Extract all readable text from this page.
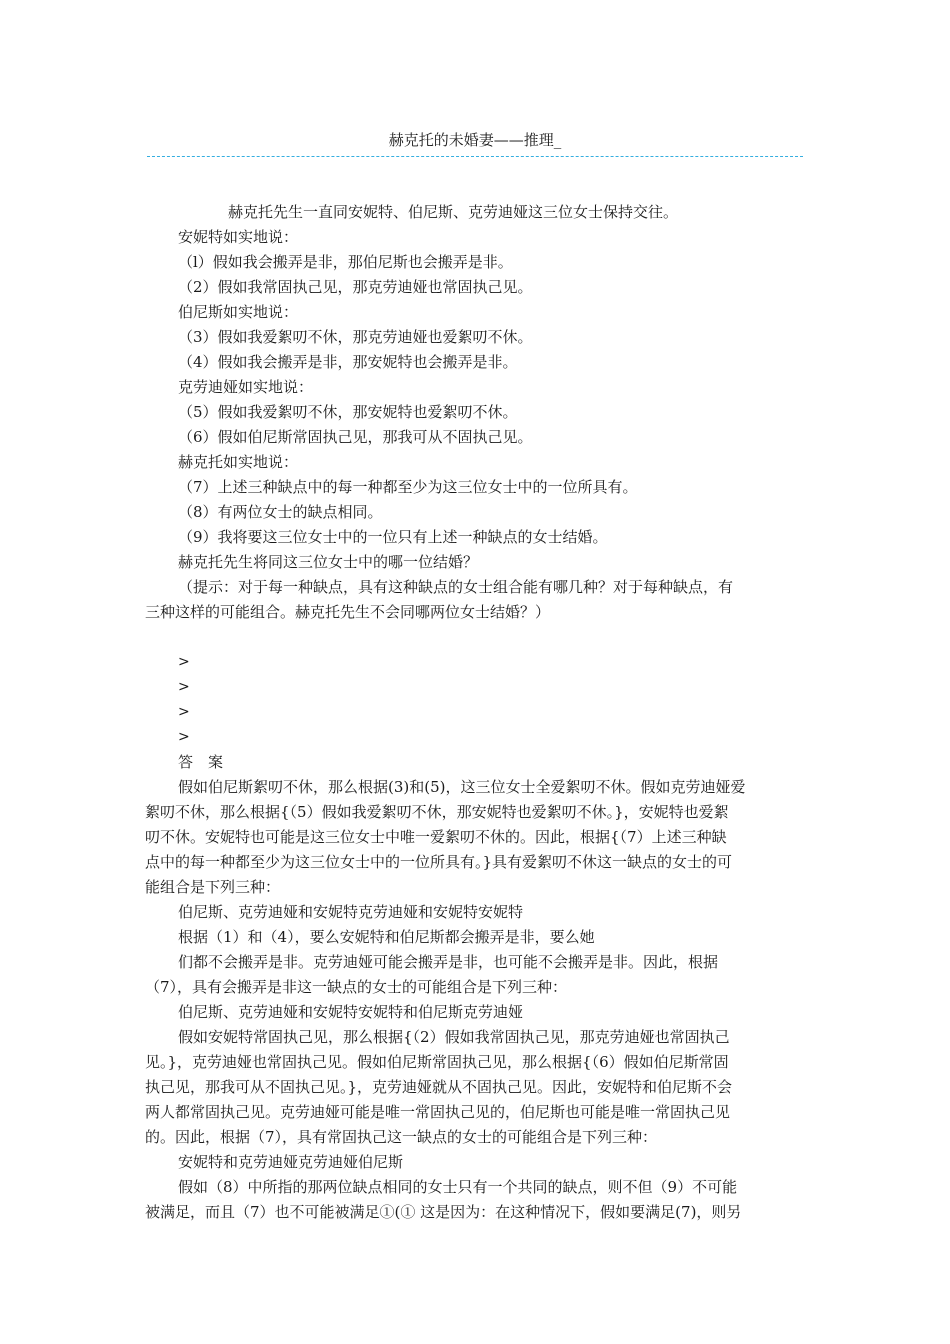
赫克托的未婚妻——推理_
赫克托先生一直同安妮特、伯尼斯、克劳迪娅这三位女士保持交往。
安妮特如实地说：
（l）假如我会搬弄是非，那伯尼斯也会搬弄是非。
（2）假如我常固执己见，那克劳迪娅也常固执己见。
伯尼斯如实地说：
（3）假如我爱絮叨不休，那克劳迪娅也爱絮叨不休。
（4）假如我会搬弄是非，那安妮特也会搬弄是非。
克劳迪娅如实地说：
（5）假如我爱絮叨不休，那安妮特也爱絮叨不休。
（6）假如伯尼斯常固执己见，那我可从不固执己见。
赫克托如实地说：
（7）上述三种缺点中的每一种都至少为这三位女士中的一位所具有。
（8）有两位女士的缺点相同。
（9）我将要这三位女士中的一位只有上述一种缺点的女士结婚。
赫克托先生将同这三位女士中的哪一位结婚？
（提示：对于每一种缺点，具有这种缺点的女士组合能有哪几种？对于每种缺点，有
三种这样的可能组合。赫克托先生不会同哪两位女士结婚？）
>
>
>
>
答　案
假如伯尼斯絮叨不休，那么根据(3)和(5)，这三位女士全爱絮叨不休。假如克劳迪娅爱
絮叨不休，那么根据{（5）假如我爱絮叨不休，那安妮特也爱絮叨不休。}，安妮特也爱絮
叨不休。安妮特也可能是这三位女士中唯一爱絮叨不休的。因此，根据{（7）上述三种缺
点中的每一种都至少为这三位女士中的一位所具有。}具有爱絮叨不休这一缺点的女士的可
能组合是下列三种：
伯尼斯、克劳迪娅和安妮特克劳迪娅和安妮特安妮特
根据（1）和（4），要么安妮特和伯尼斯都会搬弄是非，要么她
们都不会搬弄是非。克劳迪娅可能会搬弄是非，也可能不会搬弄是非。因此，根据
（7），具有会搬弄是非这一缺点的女士的可能组合是下列三种：
伯尼斯、克劳迪娅和安妮特安妮特和伯尼斯克劳迪娅
假如安妮特常固执己见，那么根据{（2）假如我常固执己见，那克劳迪娅也常固执己
见。}，克劳迪娅也常固执己见。假如伯尼斯常固执己见，那么根据{（6）假如伯尼斯常固
执己见，那我可从不固执己见。}，克劳迪娅就从不固执己见。因此，安妮特和伯尼斯不会
两人都常固执己见。克劳迪娅可能是唯一常固执己见的，伯尼斯也可能是唯一常固执己见
的。因此，根据（7），具有常固执己这一缺点的女士的可能组合是下列三种：
安妮特和克劳迪娅克劳迪娅伯尼斯
假如（8）中所指的那两位缺点相同的女士只有一个共同的缺点，则不但（9）不可能
被满足，而且（7）也不可能被满足①(① 这是因为：在这种情况下，假如要满足(7)，则另
